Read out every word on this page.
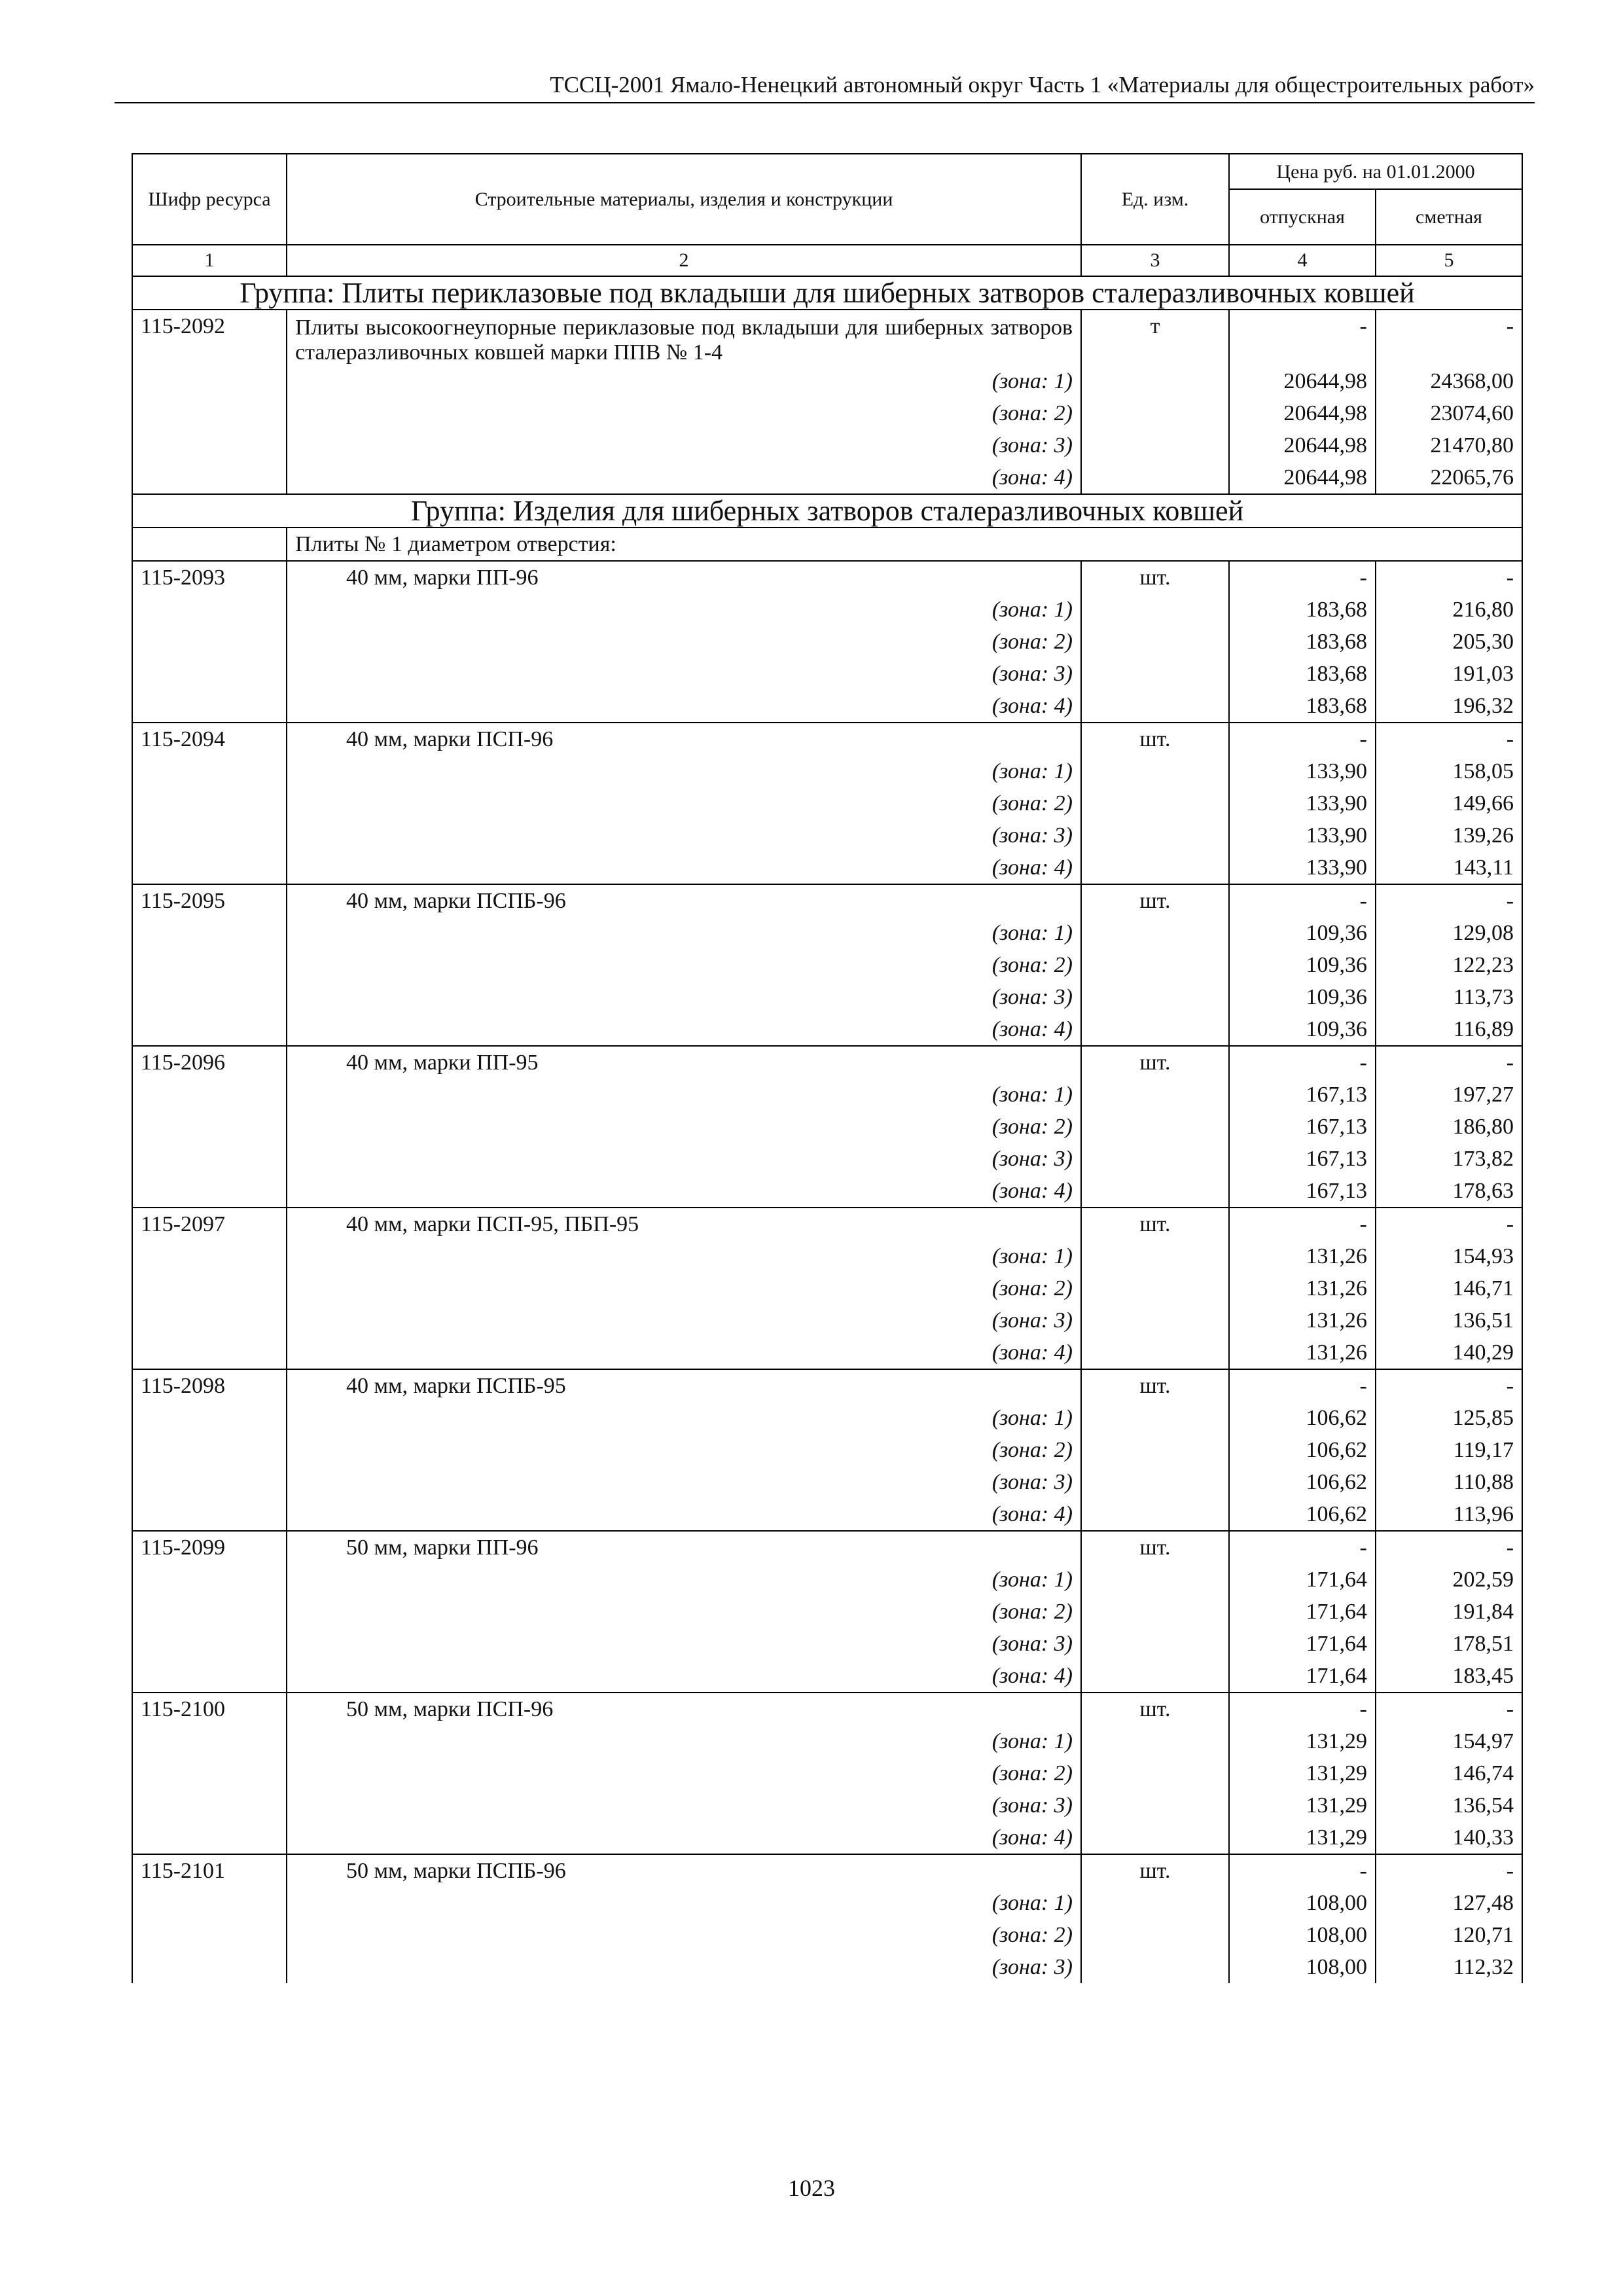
ТССЦ-2001 Ямало-Ненецкий автономный округ Часть 1 «Материалы для общестроительных работ»
Шифр ресурса	Строительные материалы, изделия и конструкции	Ед. изм.	Цена руб. на 01.01.2000	
			отпускная	сметная
1	2	3	4	5
Группа: Плиты периклазовые под вкладыши для шиберных затворов сталеразливочных ковшей				
115-2092	Плиты высокоогнеупорные периклазовые под вкладыши для шиберных затворов сталеразливочных ковшей марки ППВ № 1-4	т	-	-
	(зона: 1)		20644,98	24368,00
	(зона: 2)		20644,98	23074,60
	(зона: 3)		20644,98	21470,80
	(зона: 4)		20644,98	22065,76
Группа: Изделия для шиберных затворов сталеразливочных ковшей				
	Плиты № 1 диаметром отверстия:			
115-2093	40 мм, марки ПП-96	шт.	-	-
	(зона: 1)		183,68	216,80
	(зона: 2)		183,68	205,30
	(зона: 3)		183,68	191,03
	(зона: 4)		183,68	196,32
115-2094	40 мм, марки ПСП-96	шт.	-	-
	(зона: 1)		133,90	158,05
	(зона: 2)		133,90	149,66
	(зона: 3)		133,90	139,26
	(зона: 4)		133,90	143,11
115-2095	40 мм, марки ПСПБ-96	шт.	-	-
	(зона: 1)		109,36	129,08
	(зона: 2)		109,36	122,23
	(зона: 3)		109,36	113,73
	(зона: 4)		109,36	116,89
115-2096	40 мм, марки ПП-95	шт.	-	-
	(зона: 1)		167,13	197,27
	(зона: 2)		167,13	186,80
	(зона: 3)		167,13	173,82
	(зона: 4)		167,13	178,63
115-2097	40 мм, марки ПСП-95, ПБП-95	шт.	-	-
	(зона: 1)		131,26	154,93
	(зона: 2)		131,26	146,71
	(зона: 3)		131,26	136,51
	(зона: 4)		131,26	140,29
115-2098	40 мм, марки ПСПБ-95	шт.	-	-
	(зона: 1)		106,62	125,85
	(зона: 2)		106,62	119,17
	(зона: 3)		106,62	110,88
	(зона: 4)		106,62	113,96
115-2099	50 мм, марки ПП-96	шт.	-	-
	(зона: 1)		171,64	202,59
	(зона: 2)		171,64	191,84
	(зона: 3)		171,64	178,51
	(зона: 4)		171,64	183,45
115-2100	50 мм, марки ПСП-96	шт.	-	-
	(зона: 1)		131,29	154,97
	(зона: 2)		131,29	146,74
	(зона: 3)		131,29	136,54
	(зона: 4)		131,29	140,33
115-2101	50 мм, марки ПСПБ-96	шт.	-	-
	(зона: 1)		108,00	127,48
	(зона: 2)		108,00	120,71
	(зона: 3)		108,00	112,32
1023
